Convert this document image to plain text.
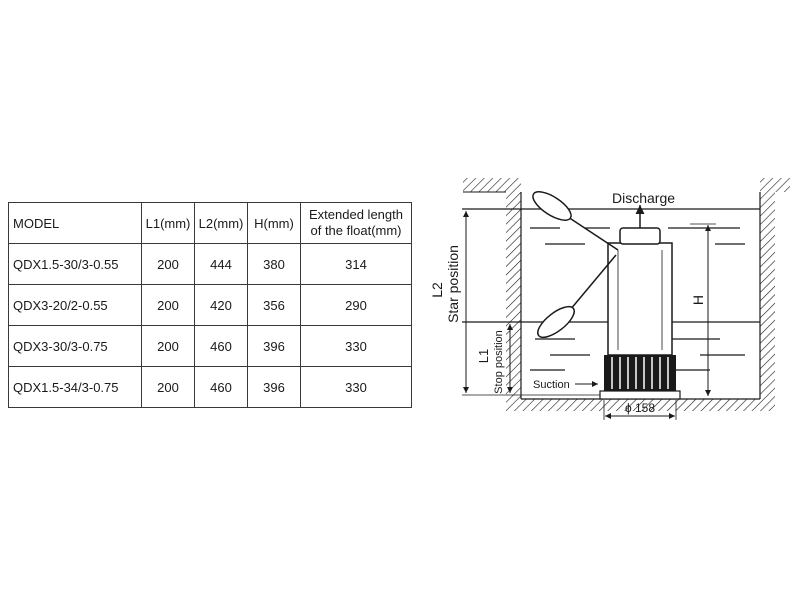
MODEL	L1(mm)	L2(mm)	H(mm)	Extended length
of the float(mm)

QDX1.5-30/3-0.55	200	444	380	314
QDX3-20/2-0.55	200	420	356	290
QDX3-30/3-0.75	200	460	396	330
QDX1.5-34/3-0.75	200	460	396	330
L2 Star position
L1 Stop position
H
Suction
ϕ 158
Discharge
